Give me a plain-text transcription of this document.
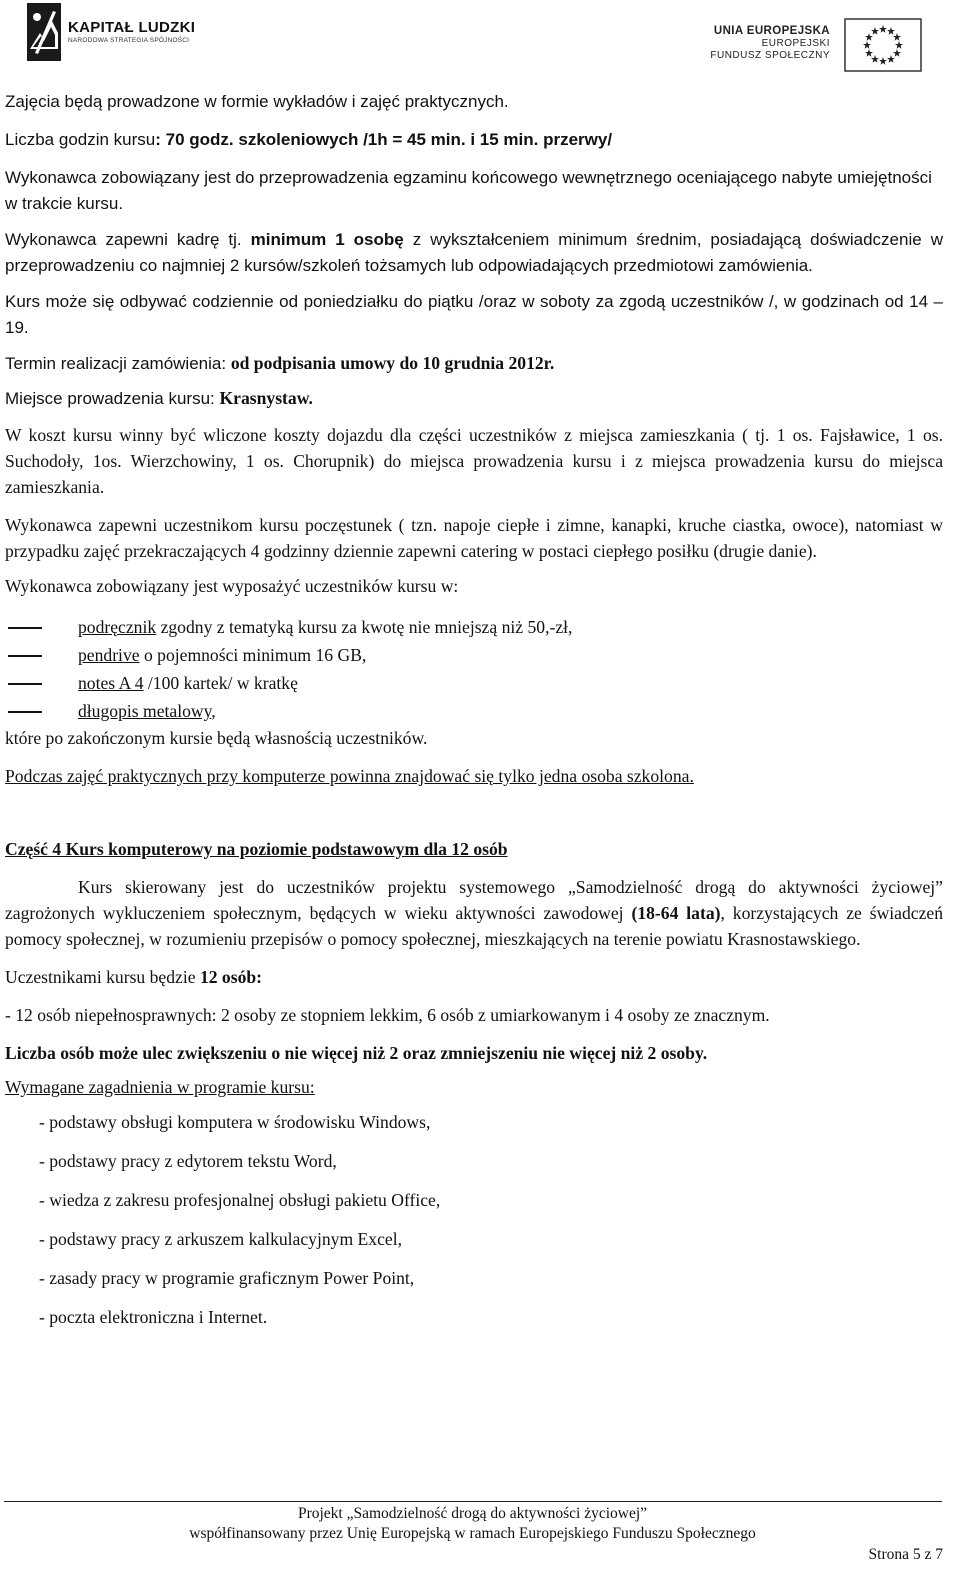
KAPITAŁ LUDZKI
NARODOWA STRATEGIA SPÓJNOŚCI
UNIA EUROPEJSKA
EUROPEJSKI
FUNDUSZ SPOŁECZNY

Zajęcia będą prowadzone w formie wykładów i zajęć praktycznych.

Liczba godzin kursu: 70 godz. szkoleniowych /1h = 45 min. i 15 min. przerwy/

Wykonawca zobowiązany jest do przeprowadzenia egzaminu końcowego wewnętrznego oceniającego nabyte umiejętności w trakcie kursu.

Wykonawca zapewni kadrę tj. minimum 1 osobę z wykształceniem minimum średnim, posiadającą doświadczenie w przeprowadzeniu co najmniej 2 kursów/szkoleń tożsamych lub odpowiadających przedmiotowi zamówienia.

Kurs może się odbywać codziennie od poniedziałku do piątku /oraz w soboty za zgodą uczestników /, w godzinach od 14 – 19.

Termin realizacji zamówienia: od podpisania umowy do 10 grudnia 2012r.

Miejsce prowadzenia kursu: Krasnystaw.

W koszt kursu winny być wliczone koszty dojazdu dla części uczestników z miejsca zamieszkania ( tj. 1 os. Fajsławice, 1 os. Suchodoły, 1os. Wierzchowiny, 1 os. Chorupnik) do miejsca prowadzenia kursu i z miejsca prowadzenia kursu do miejsca zamieszkania.

Wykonawca zapewni uczestnikom kursu poczęstunek ( tzn. napoje ciepłe i zimne, kanapki, kruche ciastka, owoce), natomiast w przypadku zajęć przekraczających 4 godzinny dziennie zapewni catering w postaci ciepłego posiłku (drugie danie).

Wykonawca zobowiązany jest wyposażyć uczestników kursu w:

podręcznik zgodny z tematyką kursu za kwotę nie mniejszą niż 50,-zł,
pendrive o pojemności minimum 16 GB,
notes A 4 /100 kartek/ w kratkę
długopis metalowy,

które po zakończonym kursie będą własnością uczestników.

Podczas zajęć praktycznych przy komputerze powinna znajdować się tylko jedna osoba szkolona.

Część 4 Kurs komputerowy na poziomie podstawowym dla 12 osób

Kurs skierowany jest do uczestników projektu systemowego „Samodzielność drogą do aktywności życiowej” zagrożonych wykluczeniem społecznym, będących w wieku aktywności zawodowej (18-64 lata), korzystających ze świadczeń pomocy społecznej, w rozumieniu przepisów o pomocy społecznej, mieszkających na terenie powiatu Krasnostawskiego.

Uczestnikami kursu będzie 12 osób:

- 12 osób niepełnosprawnych: 2 osoby ze stopniem lekkim, 6 osób z umiarkowanym i 4 osoby ze znacznym.

Liczba osób może ulec zwiększeniu o nie więcej niż 2 oraz zmniejszeniu nie więcej niż 2 osoby.

Wymagane zagadnienia w programie kursu:

- podstawy obsługi komputera w środowisku Windows,
- podstawy pracy z edytorem tekstu Word,
- wiedza z zakresu profesjonalnej obsługi pakietu Office,
- podstawy pracy z arkuszem kalkulacyjnym Excel,
- zasady pracy w programie graficznym Power Point,
- poczta elektroniczna i Internet.
Projekt „Samodzielność drogą do aktywności życiowej”
współfinansowany przez Unię Europejską w ramach Europejskiego Funduszu Społecznego
Strona 5 z 7
